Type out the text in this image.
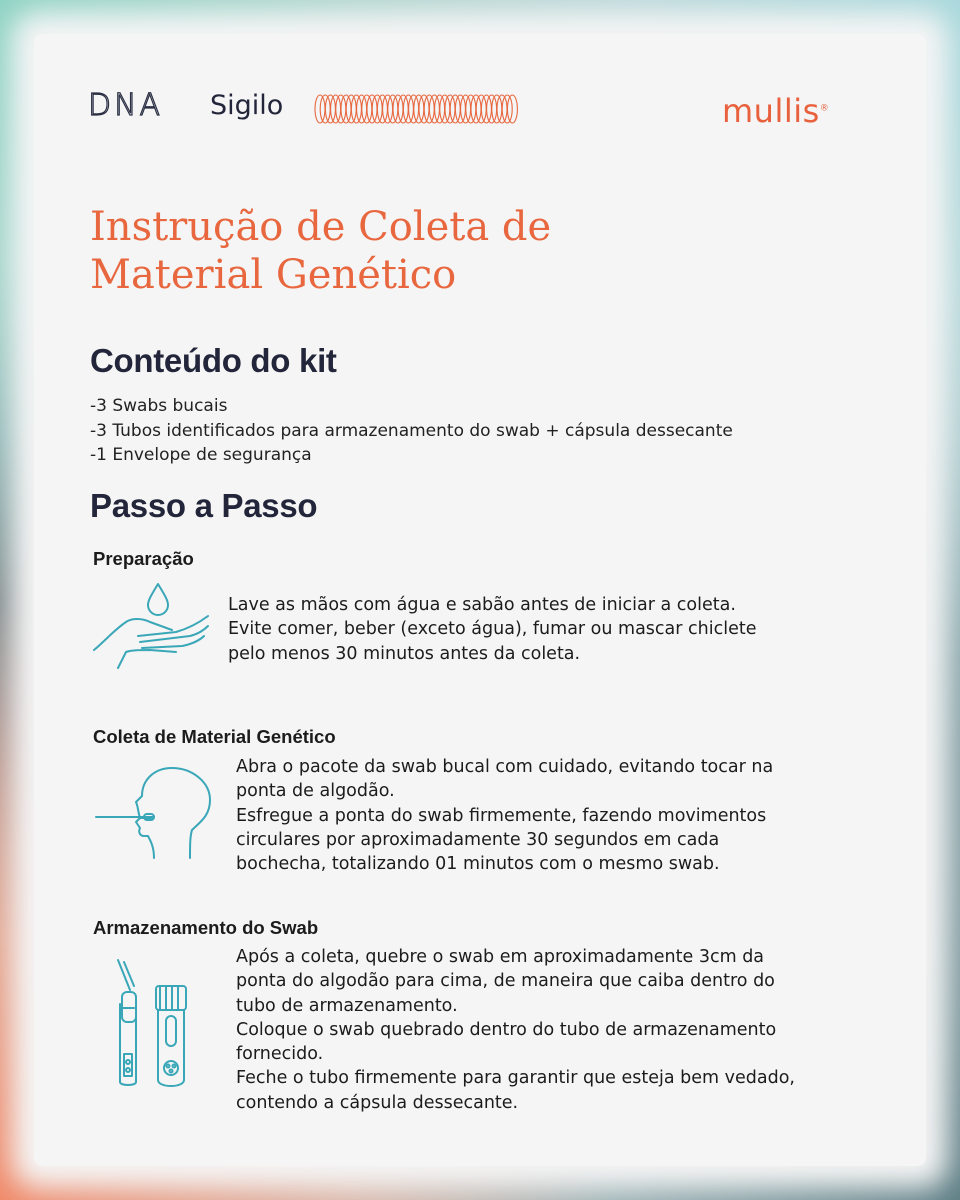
DNA Sigilo	mullis®
Instrução de Coleta de
Material Genético
Conteúdo do kit
-3 Swabs bucais
-3 Tubos identificados para armazenamento do swab + cápsula dessecante
-1 Envelope de segurança
Passo a Passo
Preparação
Lave as mãos com água e sabão antes de iniciar a coleta.
Evite comer, beber (exceto água), fumar ou mascar chiclete
pelo menos 30 minutos antes da coleta.
Coleta de Material Genético
Abra o pacote da swab bucal com cuidado, evitando tocar na
ponta de algodão.
Esfregue a ponta do swab firmemente, fazendo movimentos
circulares por aproximadamente 30 segundos em cada
bochecha, totalizando 01 minutos com o mesmo swab.
Armazenamento do Swab
Após a coleta, quebre o swab em aproximadamente 3cm da
ponta do algodão para cima, de maneira que caiba dentro do
tubo de armazenamento.
Coloque o swab quebrado dentro do tubo de armazenamento
fornecido.
Feche o tubo firmemente para garantir que esteja bem vedado,
contendo a cápsula dessecante.
